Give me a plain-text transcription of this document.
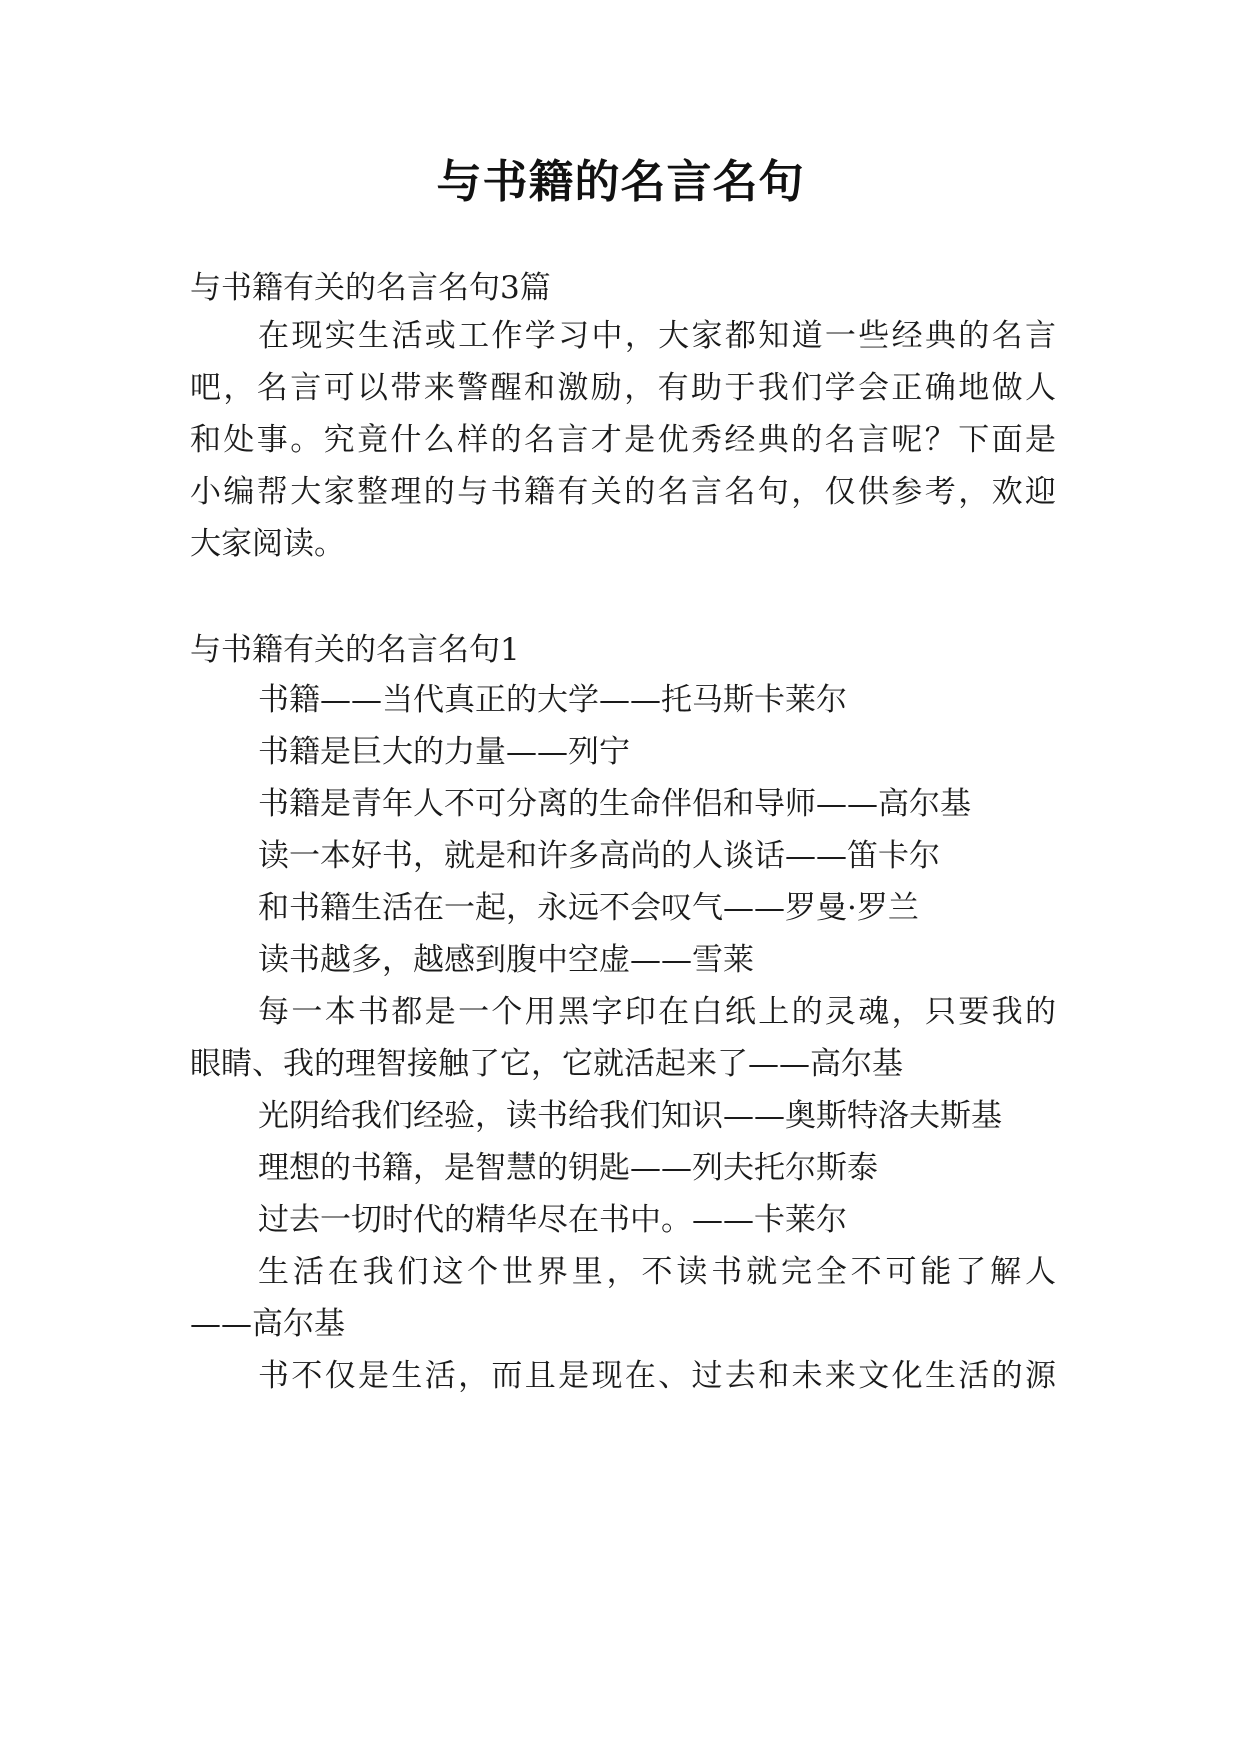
与书籍的名言名句
与书籍有关的名言名句3篇
在现实生活或工作学习中，大家都知道一些经典的名言
吧，名言可以带来警醒和激励，有助于我们学会正确地做人
和处事。究竟什么样的名言才是优秀经典的名言呢？下面是
小编帮大家整理的与书籍有关的名言名句，仅供参考，欢迎
大家阅读。
与书籍有关的名言名句1
书籍——当代真正的大学——托马斯卡莱尔
书籍是巨大的力量——列宁
书籍是青年人不可分离的生命伴侣和导师——高尔基
读一本好书，就是和许多高尚的人谈话——笛卡尔
和书籍生活在一起，永远不会叹气——罗曼·罗兰
读书越多，越感到腹中空虚——雪莱
每一本书都是一个用黑字印在白纸上的灵魂，只要我的
眼睛、我的理智接触了它，它就活起来了——高尔基
光阴给我们经验，读书给我们知识——奥斯特洛夫斯基
理想的书籍，是智慧的钥匙——列夫托尔斯泰
过去一切时代的精华尽在书中。——卡莱尔
生活在我们这个世界里，不读书就完全不可能了解人
——高尔基
书不仅是生活，而且是现在、过去和未来文化生活的源
